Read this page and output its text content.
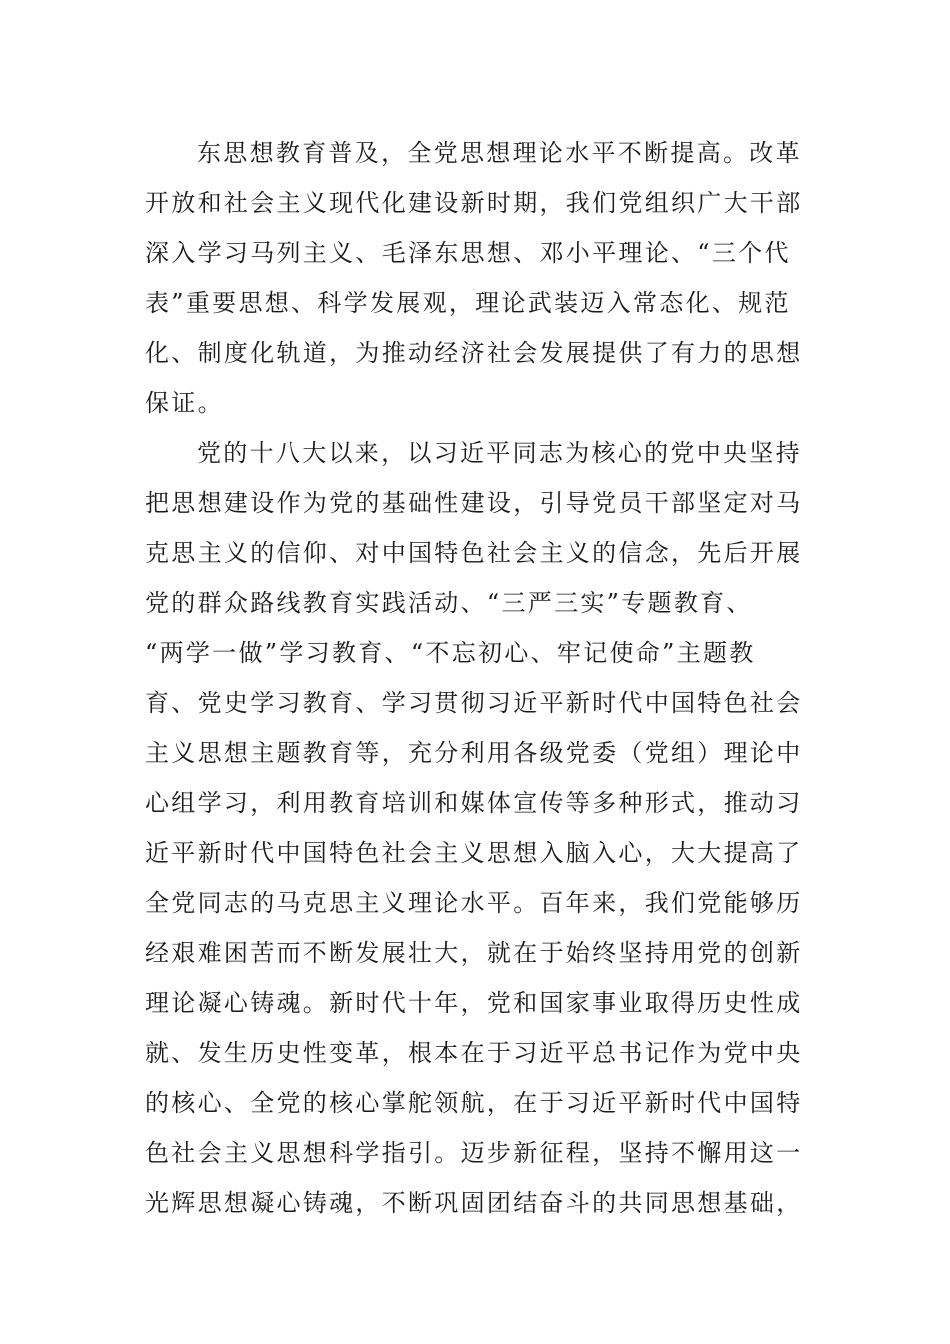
东思想教育普及，全党思想理论水平不断提高。改革
开放和社会主义现代化建设新时期，我们党组织广大干部
深入学习马列主义、毛泽东思想、邓小平理论、“三个代
表”重要思想、科学发展观，理论武装迈入常态化、规范
化、制度化轨道，为推动经济社会发展提供了有力的思想
保证。
党的十八大以来，以习近平同志为核心的党中央坚持
把思想建设作为党的基础性建设，引导党员干部坚定对马
克思主义的信仰、对中国特色社会主义的信念，先后开展
党的群众路线教育实践活动、“三严三实”专题教育、
“两学一做”学习教育、“不忘初心、牢记使命”主题教
育、党史学习教育、学习贯彻习近平新时代中国特色社会
主义思想主题教育等，充分利用各级党委（党组）理论中
心组学习，利用教育培训和媒体宣传等多种形式，推动习
近平新时代中国特色社会主义思想入脑入心，大大提高了
全党同志的马克思主义理论水平。百年来，我们党能够历
经艰难困苦而不断发展壮大，就在于始终坚持用党的创新
理论凝心铸魂。新时代十年，党和国家事业取得历史性成
就、发生历史性变革，根本在于习近平总书记作为党中央
的核心、全党的核心掌舵领航，在于习近平新时代中国特
色社会主义思想科学指引。迈步新征程，坚持不懈用这一
光辉思想凝心铸魂，不断巩固团结奋斗的共同思想基础，
